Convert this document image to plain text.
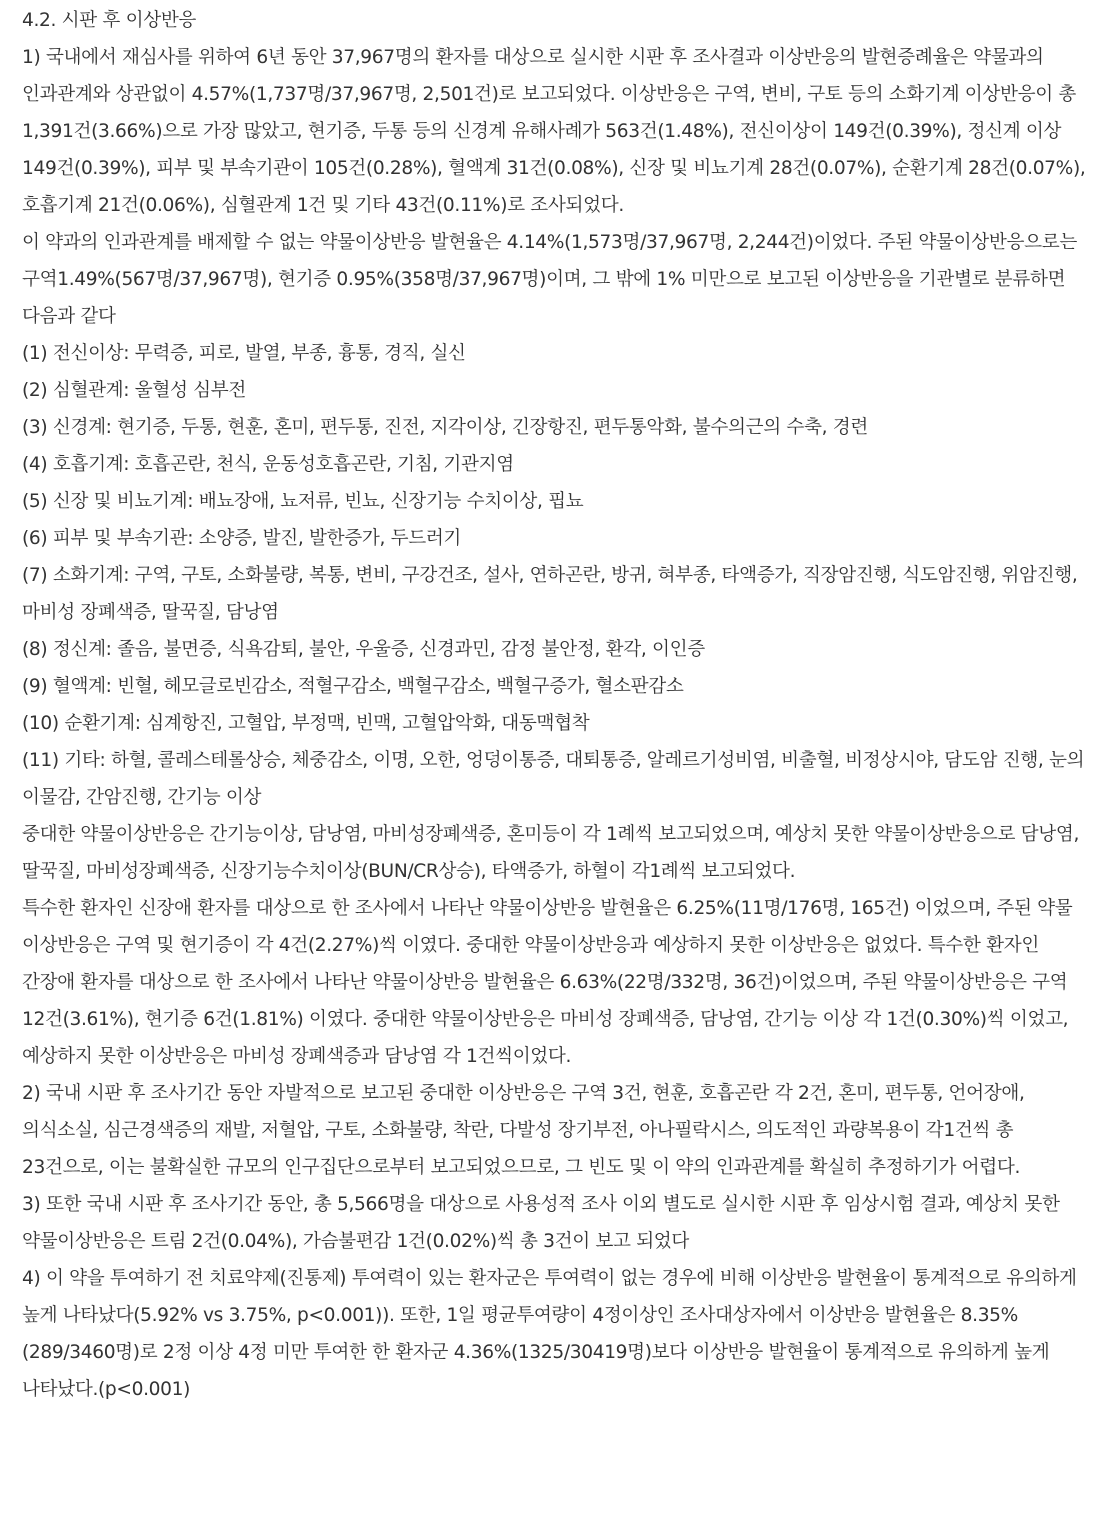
4.2. 시판 후 이상반응

1) 국내에서 재심사를 위하여 6년 동안 37,967명의 환자를 대상으로 실시한 시판 후 조사결과 이상반응의 발현증례율은 약물과의 인과관계와 상관없이 4.57%(1,737명/37,967명, 2,501건)로 보고되었다. 이상반응은 구역, 변비, 구토 등의 소화기계 이상반응이 총 1,391건(3.66%)으로 가장 많았고, 현기증, 두통 등의 신경계 유해사례가 563건(1.48%), 전신이상이 149건(0.39%), 정신계 이상 149건(0.39%), 피부 및 부속기관이 105건(0.28%), 혈액계 31건(0.08%), 신장 및 비뇨기계 28건(0.07%), 순환기계 28건(0.07%), 호흡기계 21건(0.06%), 심혈관계 1건 및 기타 43건(0.11%)로 조사되었다.

이 약과의 인과관계를 배제할 수 없는 약물이상반응 발현율은 4.14%(1,573명/37,967명, 2,244건)이었다. 주된 약물이상반응으로는 구역1.49%(567명/37,967명), 현기증 0.95%(358명/37,967명)이며, 그 밖에 1% 미만으로 보고된 이상반응을 기관별로 분류하면 다음과 같다

(1) 전신이상: 무력증, 피로, 발열, 부종, 흉통, 경직, 실신

(2) 심혈관계: 울혈성 심부전

(3) 신경계: 현기증, 두통, 현훈, 혼미, 편두통, 진전, 지각이상, 긴장항진, 편두통악화, 불수의근의 수축, 경련

(4) 호흡기계: 호흡곤란, 천식, 운동성호흡곤란, 기침, 기관지염

(5) 신장 및 비뇨기계: 배뇨장애, 뇨저류, 빈뇨, 신장기능 수치이상, 핍뇨

(6) 피부 및 부속기관: 소양증, 발진, 발한증가, 두드러기

(7) 소화기계: 구역, 구토, 소화불량, 복통, 변비, 구강건조, 설사, 연하곤란, 방귀, 혀부종, 타액증가, 직장암진행, 식도암진행, 위암진행, 마비성 장폐색증, 딸꾹질, 담낭염

(8) 정신계: 졸음, 불면증, 식욕감퇴, 불안, 우울증, 신경과민, 감정 불안정, 환각, 이인증

(9) 혈액계: 빈혈, 헤모글로빈감소, 적혈구감소, 백혈구감소, 백혈구증가, 혈소판감소

(10) 순환기계: 심계항진, 고혈압, 부정맥, 빈맥, 고혈압악화, 대동맥협착

(11) 기타: 하혈, 콜레스테롤상승, 체중감소, 이명, 오한, 엉덩이통증, 대퇴통증, 알레르기성비염, 비출혈, 비정상시야, 담도암 진행, 눈의 이물감, 간암진행, 간기능 이상

중대한 약물이상반응은 간기능이상, 담낭염, 마비성장폐색증, 혼미등이 각 1례씩 보고되었으며, 예상치 못한 약물이상반응으로 담낭염, 딸꾹질, 마비성장폐색증, 신장기능수치이상(BUN/CR상승), 타액증가, 하혈이 각1례씩 보고되었다.

특수한 환자인 신장애 환자를 대상으로 한 조사에서 나타난 약물이상반응 발현율은 6.25%(11명/176명, 165건) 이었으며, 주된 약물 이상반응은 구역 및 현기증이 각 4건(2.27%)씩 이였다. 중대한 약물이상반응과 예상하지 못한 이상반응은 없었다. 특수한 환자인 간장애 환자를 대상으로 한 조사에서 나타난 약물이상반응 발현율은 6.63%(22명/332명, 36건)이었으며, 주된 약물이상반응은 구역 12건(3.61%), 현기증 6건(1.81%) 이였다. 중대한 약물이상반응은 마비성 장폐색증, 담낭염, 간기능 이상 각 1건(0.30%)씩 이었고, 예상하지 못한 이상반응은 마비성 장폐색증과 담낭염 각 1건씩이었다.

2) 국내 시판 후 조사기간 동안 자발적으로 보고된 중대한 이상반응은 구역 3건, 현훈, 호흡곤란 각 2건, 혼미, 편두통, 언어장애, 의식소실, 심근경색증의 재발, 저혈압, 구토, 소화불량, 착란, 다발성 장기부전, 아나필락시스, 의도적인 과량복용이 각1건씩 총 23건으로, 이는 불확실한 규모의 인구집단으로부터 보고되었으므로, 그 빈도 및 이 약의 인과관계를 확실히 추정하기가 어렵다.

3) 또한 국내 시판 후 조사기간 동안, 총 5,566명을 대상으로 사용성적 조사 이외 별도로 실시한 시판 후 임상시험 결과, 예상치 못한 약물이상반응은 트림 2건(0.04%), 가슴불편감 1건(0.02%)씩 총 3건이 보고 되었다

4) 이 약을 투여하기 전 치료약제(진통제) 투여력이 있는 환자군은 투여력이 없는 경우에 비해 이상반응 발현율이 통계적으로 유의하게 높게 나타났다(5.92% vs 3.75%, p<0.001)). 또한, 1일 평균투여량이 4정이상인 조사대상자에서 이상반응 발현율은 8.35%(289/3460명)로 2정 이상 4정 미만 투여한 한 환자군 4.36%(1325/30419명)보다 이상반응 발현율이 통계적으로 유의하게 높게 나타났다.(p<0.001)
